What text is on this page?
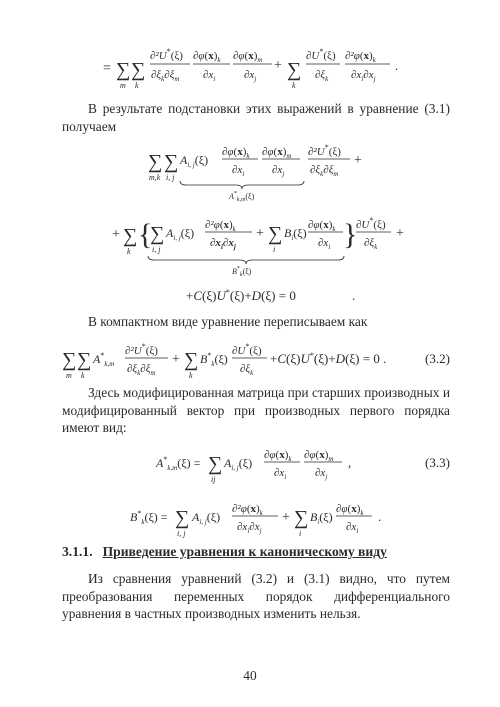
= ∑
m
∑
k
∂²U*(ξ)
$\partial\xi_k\partial\xi_m$
$\partial\varphi(x)_k$
$\partial x_i$
$\partial\varphi(x)_m$
$\partial x_j$
+ ∑
k
∂U*(ξ)
$\partial\xi_k$
$\partial^2\varphi(x)_k$
$\partial x_i\partial x_j$
.

В результате подстановки этих выражений в уравнение (3.1) получаем

∑
m,k
∑
i, j
$A_{i, j}(\xi)$
$\partial\varphi(x)_k$
$\partial x_i$
$\partial\varphi(x)_m$
$\partial x_j$
$A^*_{k,m}(\xi)$
∂²U*(ξ)
$\partial\xi_k\partial\xi_m$
+
+ ∑
k
{
∑
i, j
$A_{i, j}(\xi)$
$\partial^2\varphi(x)_k$
$\partial x_i\partial x_j$
+ ∑
i
$B_i(\xi)$
$\partial\varphi(x)_k$
$\partial x_i$ }
$B^*_k(\xi)$
∂U*(ξ)
$\partial\xi_k$
+
+C(ξ)U*(ξ)+D(ξ) = 0	.

В компактном виде уравнение переписываем как

∑
m
∑
k
$A^*_{k,m}$
∂²U*(ξ)
$\partial\xi_k\partial\xi_m$
+ ∑
k
$B^*_k(\xi)$
∂U*(ξ)
$\partial\xi_k$
+C(ξ)U*(ξ)+D(ξ) = 0 .	(3.2)

Здесь модифицированная матрица при старших производных и модифицированный вектор при производных первого порядка имеют вид:

$A^*_{k,m}(\xi)$ = ∑
ij
$A_{i, j}(\xi)$
$\partial\varphi(x)_k$
$\partial x_i$
$\partial\varphi(x)_m$
$\partial x_j$
,	(3.3)
$B^*_k(\xi)$ = ∑
i, j
$A_{i, j}(\xi)$
$\partial^2\varphi(x)_k$
$\partial x_i\partial x_j$
+ ∑
i
$B_i(\xi)$
$\partial\varphi(x)_k$
$\partial x_i$
.
3.1.1. Приведение уравнения к каноническому виду

Из сравнения уравнений (3.2) и (3.1) видно, что путем преобразования переменных порядок дифференциального уравнения в частных производных изменить нельзя.

40
